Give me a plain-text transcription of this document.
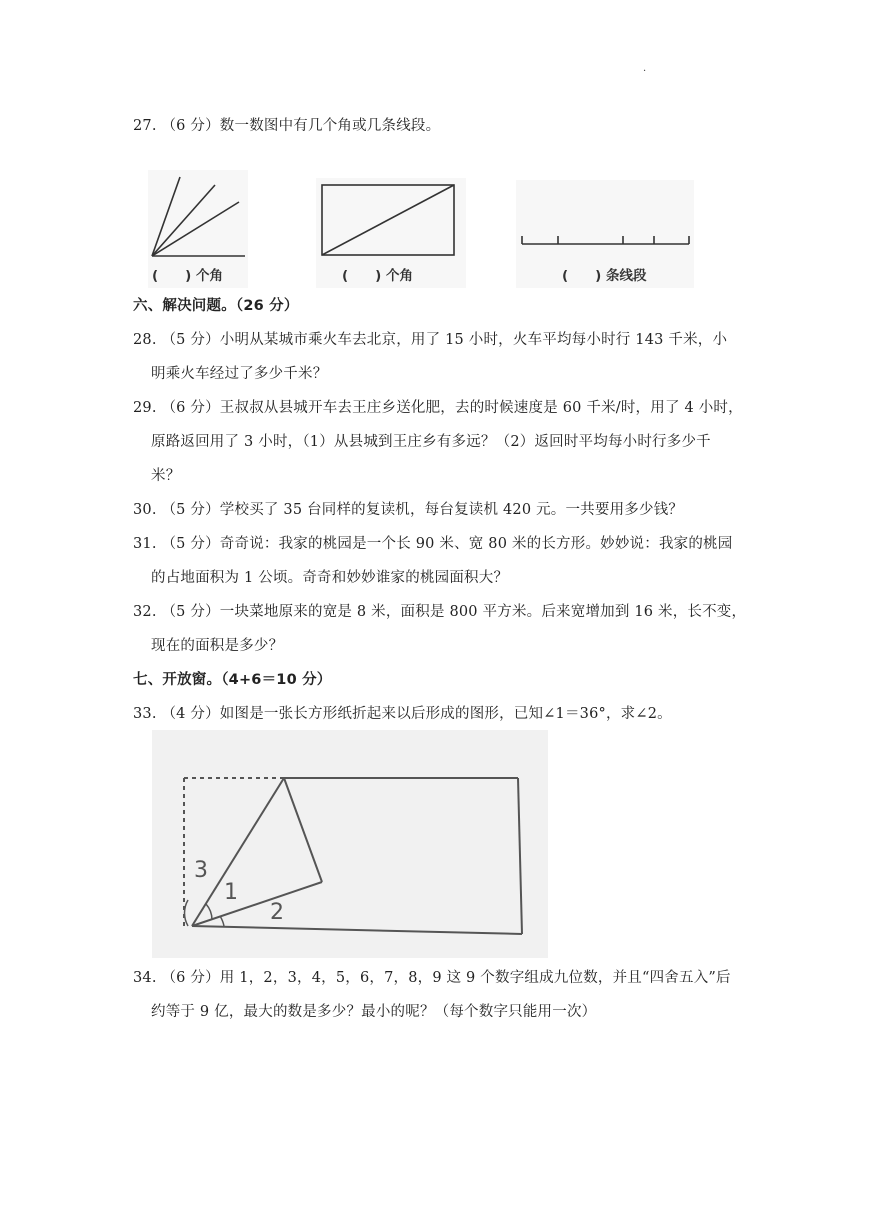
·
27. （6 分）数一数图中有几个角或几条线段。
(　　) 个角	(　　) 个角	(　　) 条线段
六、解决问题。（26 分）
28. （5 分）小明从某城市乘火车去北京，用了 15 小时，火车平均每小时行 143 千米，小
明乘火车经过了多少千米？
29. （6 分）王叔叔从县城开车去王庄乡送化肥，去的时候速度是 60 千米/时，用了 4 小时，
原路返回用了 3 小时，（1）从县城到王庄乡有多远？（2）返回时平均每小时行多少千
米？
30. （5 分）学校买了 35 台同样的复读机，每台复读机 420 元。一共要用多少钱？
31. （5 分）奇奇说：我家的桃园是一个长 90 米、宽 80 米的长方形。妙妙说：我家的桃园
的占地面积为 1 公顷。奇奇和妙妙谁家的桃园面积大？
32. （5 分）一块菜地原来的宽是 8 米，面积是 800 平方米。后来宽增加到 16 米，长不变，
现在的面积是多少？
七、开放窗。（4+6＝10 分）
33. （4 分）如图是一张长方形纸折起来以后形成的图形，已知∠1＝36°，求∠2。
3
1
2
34. （6 分）用 1，2，3，4，5，6，7，8，9 这 9 个数字组成九位数，并且“四舍五入”后
约等于 9 亿，最大的数是多少？最小的呢？（每个数字只能用一次）
